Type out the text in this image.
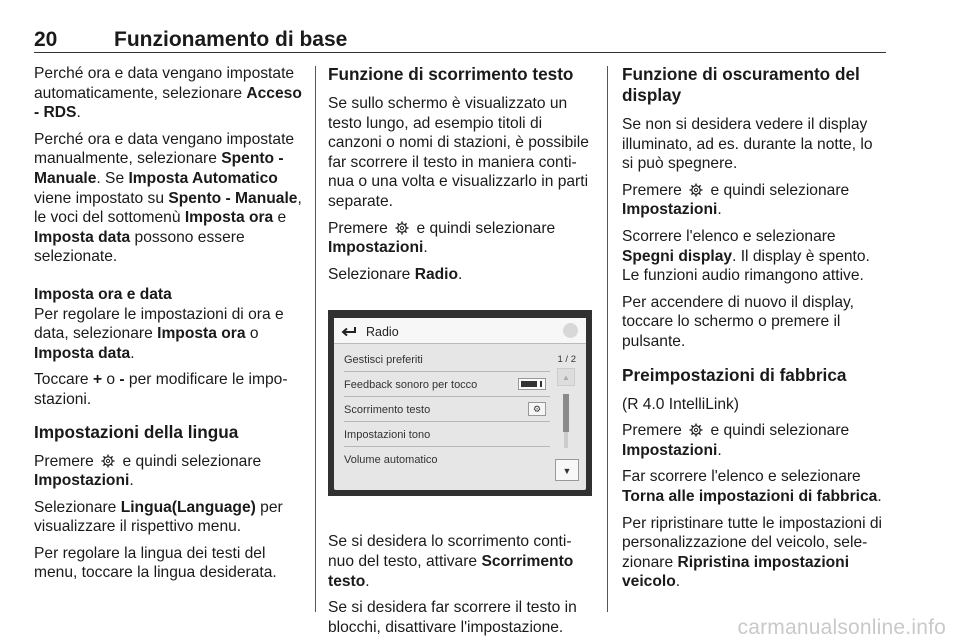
20	Funzionamento di base

Perché ora e data vengano impostate automaticamente, selezionare Acceso - RDS.

Perché ora e data vengano impostate manualmente, selezionare Spento - Manuale. Se Imposta Automatico viene impostato su Spento - Manuale, le voci del sottomenù Imposta ora e Imposta data possono essere selezionate.

Imposta ora e data
Per regolare le impostazioni di ora e data, selezionare Imposta ora o Imposta data.

Toccare + o - per modificare le impo‐stazioni.

Impostazioni della lingua

Premere  e quindi selezionare Impostazioni.

Selezionare Lingua(Language) per visualizzare il rispettivo menu.

Per regolare la lingua dei testi del menu, toccare la lingua desiderata.

Funzione di scorrimento testo

Se sullo schermo è visualizzato un testo lungo, ad esempio titoli di canzoni o nomi di stazioni, è possibile far scorrere il testo in maniera conti‐nua o una volta e visualizzarlo in parti separate.

Premere  e quindi selezionare Impostazioni.

Selezionare Radio.

Radio
1 / 2
Gestisci preferiti
Feedback sonoro per tocco
Scorrimento testo	⚙
Impostazioni tono
Volume automatico
▲
▼

Se si desidera lo scorrimento conti‐nuo del testo, attivare Scorrimento testo.

Se si desidera far scorrere il testo in blocchi, disattivare l'impostazione.

Funzione di oscuramento del display

Se non si desidera vedere il display illuminato, ad es. durante la notte, lo si può spegnere.

Premere  e quindi selezionare Impostazioni.

Scorrere l'elenco e selezionare Spegni display. Il display è spento. Le funzioni audio rimangono attive.

Per accendere di nuovo il display, toccare lo schermo o premere il pulsante.

Preimpostazioni di fabbrica

(R 4.0 IntelliLink)

Premere  e quindi selezionare Impostazioni.

Far scorrere l'elenco e selezionare Torna alle impostazioni di fabbrica.

Per ripristinare tutte le impostazioni di personalizzazione del veicolo, sele‐zionare Ripristina impostazioni veicolo.

carmanualsonline.info
